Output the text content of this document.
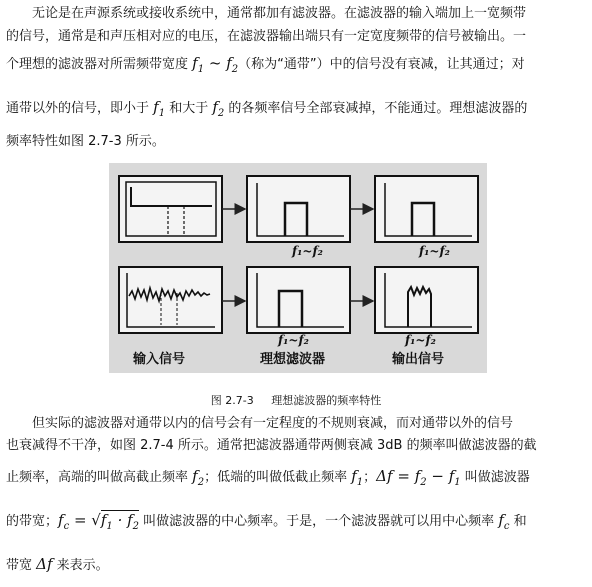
无论是在声源系统或接收系统中，通常都加有滤波器。在滤波器的输入端加上一宽频带
的信号，通常是和声压相对应的电压，在滤波器输出端只有一定宽度频带的信号被输出。一
个理想的滤波器对所需频带宽度 $f_1$ ~ $f_2$（称为“通带”）中的信号没有衰减，让其通过；对
通带以外的信号，即小于 $f_1$ 和大于 $f_2$ 的各频率信号全部衰减掉，不能通过。理想滤波器的
频率特性如图 2.7-3 所示。
f₁~f₂	f₁~f₂
f₁~f₂	f₁~f₂
输入信号	理想滤波器	输出信号
图 2.7-3 理想滤波器的频率特性
但实际的滤波器对通带以内的信号会有一定程度的不规则衰减，而对通带以外的信号
也衰减得不干净，如图 2.7-4 所示。通常把滤波器通带两侧衰减 3dB 的频率叫做滤波器的截
止频率，高端的叫做高截止频率 $f_2$；低端的叫做低截止频率 $f_1$；$\Delta f = f_2 - f_1$ 叫做滤波器
的带宽；$f_c = √f_1 \cdot f_2$ 叫做滤波器的中心频率。于是，一个滤波器就可以用中心频率 $f_c$ 和
带宽 Δf 来表示。
